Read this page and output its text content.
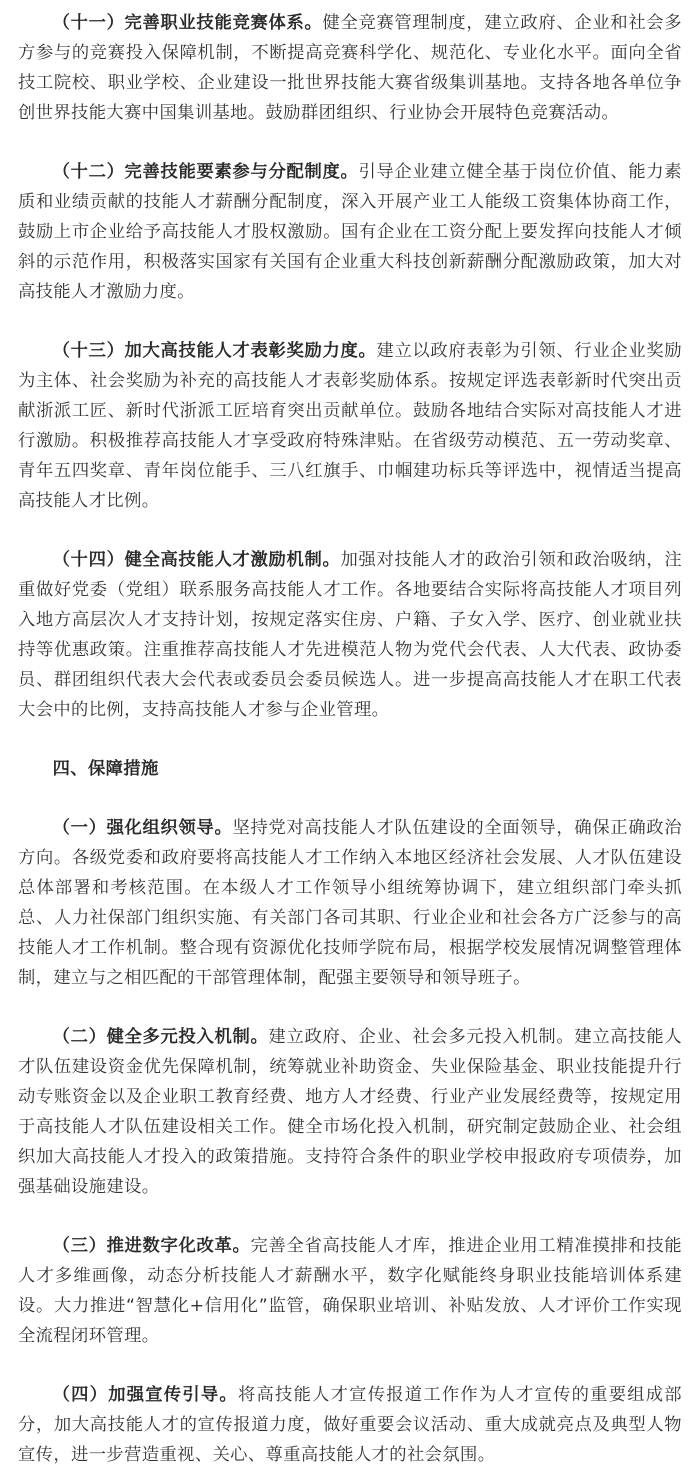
（十一）完善职业技能竞赛体系。健全竞赛管理制度，建立政府、企业和社会多方参与的竞赛投入保障机制，不断提高竞赛科学化、规范化、专业化水平。面向全省技工院校、职业学校、企业建设一批世界技能大赛省级集训基地。支持各地各单位争创世界技能大赛中国集训基地。鼓励群团组织、行业协会开展特色竞赛活动。

（十二）完善技能要素参与分配制度。引导企业建立健全基于岗位价值、能力素质和业绩贡献的技能人才薪酬分配制度，深入开展产业工人能级工资集体协商工作，鼓励上市企业给予高技能人才股权激励。国有企业在工资分配上要发挥向技能人才倾斜的示范作用，积极落实国家有关国有企业重大科技创新薪酬分配激励政策，加大对高技能人才激励力度。

（十三）加大高技能人才表彰奖励力度。建立以政府表彰为引领、行业企业奖励为主体、社会奖励为补充的高技能人才表彰奖励体系。按规定评选表彰新时代突出贡献浙派工匠、新时代浙派工匠培育突出贡献单位。鼓励各地结合实际对高技能人才进行激励。积极推荐高技能人才享受政府特殊津贴。在省级劳动模范、五一劳动奖章、青年五四奖章、青年岗位能手、三八红旗手、巾帼建功标兵等评选中，视情适当提高高技能人才比例。

（十四）健全高技能人才激励机制。加强对技能人才的政治引领和政治吸纳，注重做好党委（党组）联系服务高技能人才工作。各地要结合实际将高技能人才项目列入地方高层次人才支持计划，按规定落实住房、户籍、子女入学、医疗、创业就业扶持等优惠政策。注重推荐高技能人才先进模范人物为党代会代表、人大代表、政协委员、群团组织代表大会代表或委员会委员候选人。进一步提高高技能人才在职工代表大会中的比例，支持高技能人才参与企业管理。

四、保障措施

（一）强化组织领导。坚持党对高技能人才队伍建设的全面领导，确保正确政治方向。各级党委和政府要将高技能人才工作纳入本地区经济社会发展、人才队伍建设总体部署和考核范围。在本级人才工作领导小组统筹协调下，建立组织部门牵头抓总、人力社保部门组织实施、有关部门各司其职、行业企业和社会各方广泛参与的高技能人才工作机制。整合现有资源优化技师学院布局，根据学校发展情况调整管理体制，建立与之相匹配的干部管理体制，配强主要领导和领导班子。

（二）健全多元投入机制。建立政府、企业、社会多元投入机制。建立高技能人才队伍建设资金优先保障机制，统筹就业补助资金、失业保险基金、职业技能提升行动专账资金以及企业职工教育经费、地方人才经费、行业产业发展经费等，按规定用于高技能人才队伍建设相关工作。健全市场化投入机制，研究制定鼓励企业、社会组织加大高技能人才投入的政策措施。支持符合条件的职业学校申报政府专项债券，加强基础设施建设。

（三）推进数字化改革。完善全省高技能人才库，推进企业用工精准摸排和技能人才多维画像，动态分析技能人才薪酬水平，数字化赋能终身职业技能培训体系建设。大力推进“智慧化+信用化”监管，确保职业培训、补贴发放、人才评价工作实现全流程闭环管理。

（四）加强宣传引导。将高技能人才宣传报道工作作为人才宣传的重要组成部分，加大高技能人才的宣传报道力度，做好重要会议活动、重大成就亮点及典型人物宣传，进一步营造重视、关心、尊重高技能人才的社会氛围。
